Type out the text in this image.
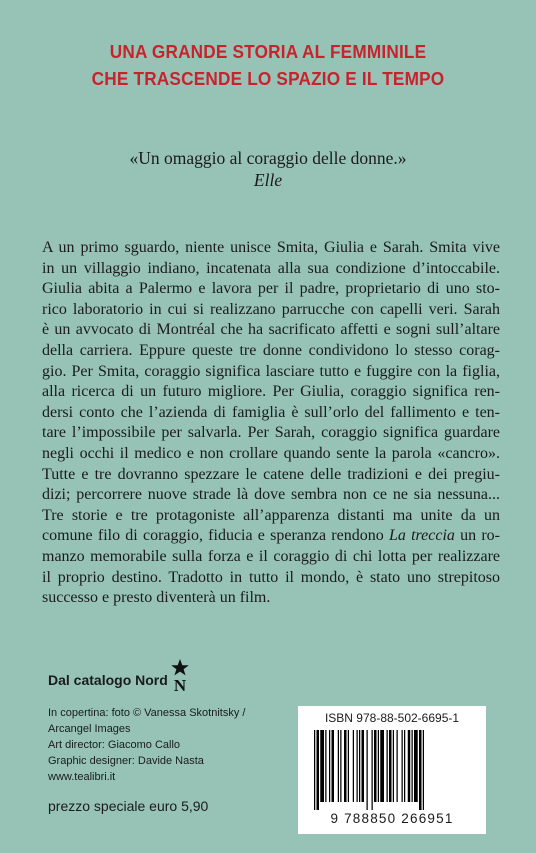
UNA GRANDE STORIA AL FEMMINILE
CHE TRASCENDE LO SPAZIO E IL TEMPO
«Un omaggio al coraggio delle donne.»
Elle
A un primo sguardo, niente unisce Smita, Giulia e Sarah. Smita vive
in un villaggio indiano, incatenata alla sua condizione d’intoccabile.
Giulia abita a Palermo e lavora per il padre, proprietario di uno sto-
rico laboratorio in cui si realizzano parrucche con capelli veri. Sarah
è un avvocato di Montréal che ha sacrificato affetti e sogni sull’altare
della carriera. Eppure queste tre donne condividono lo stesso corag-
gio. Per Smita, coraggio significa lasciare tutto e fuggire con la figlia,
alla ricerca di un futuro migliore. Per Giulia, coraggio significa ren-
dersi conto che l’azienda di famiglia è sull’orlo del fallimento e ten-
tare l’impossibile per salvarla. Per Sarah, coraggio significa guardare
negli occhi il medico e non crollare quando sente la parola «cancro».
Tutte e tre dovranno spezzare le catene delle tradizioni e dei pregiu-
dizi; percorrere nuove strade là dove sembra non ce ne sia nessuna...
Tre storie e tre protagoniste all’apparenza distanti ma unite da un
comune filo di coraggio, fiducia e speranza rendono La treccia un ro-
manzo memorabile sulla forza e il coraggio di chi lotta per realizzare
il proprio destino. Tradotto in tutto il mondo, è stato uno strepitoso
successo e presto diventerà un film.
Dal catalogo Nord N
In copertina: foto © Vanessa Skotnitsky /
Arcangel Images
Art director: Giacomo Callo
Graphic designer: Davide Nasta
www.tealibri.it
prezzo speciale euro 5,90
ISBN 978-88-502-6695-1
9 788850 266951
